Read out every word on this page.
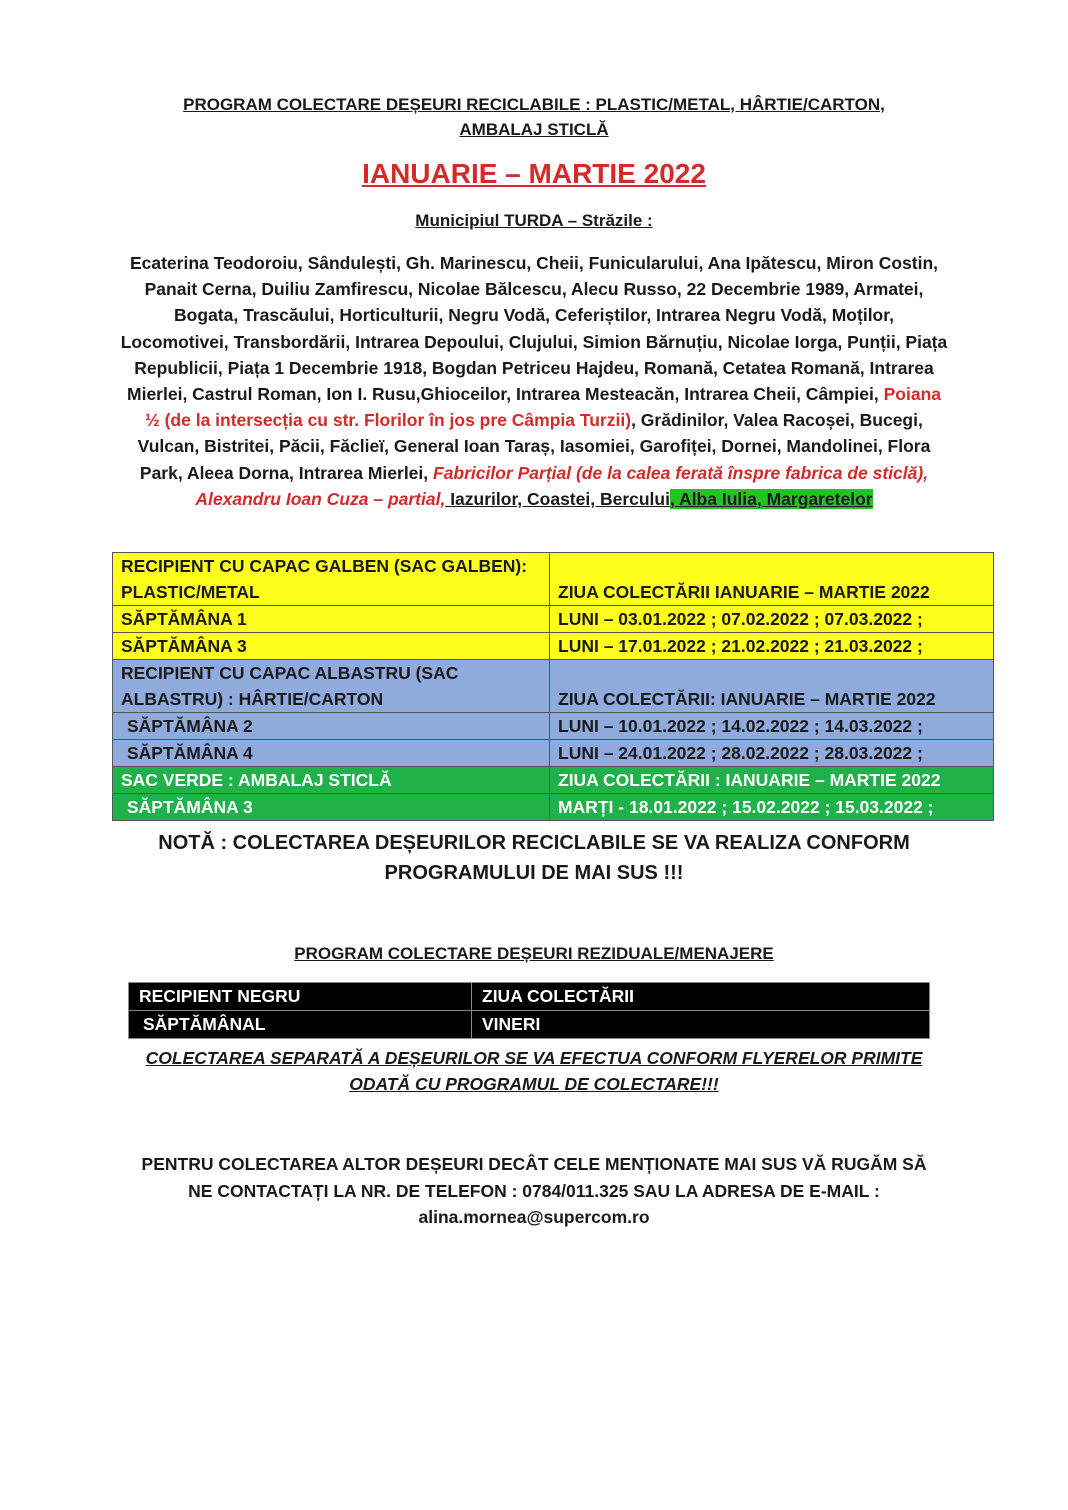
PROGRAM COLECTARE DEȘEURI RECICLABILE : PLASTIC/METAL, HÂRTIE/CARTON,
AMBALAJ STICLĂ
IANUARIE – MARTIE 2022
Municipiul TURDA – Străzile :
Ecaterina Teodoroiu, Sândulești, Gh. Marinescu, Cheii, Funicularului, Ana Ipătescu, Miron Costin, Panait Cerna, Duiliu Zamfirescu, Nicolae Bălcescu, Alecu Russo, 22 Decembrie 1989, Armatei, Bogata, Trascăului, Horticulturii, Negru Vodă, Ceferiștilor, Intrarea Negru Vodă, Moților, Locomotivei, Transbordării, Intrarea Depoului, Clujului, Simion Bărnuțiu, Nicolae Iorga, Punții, Piața Republicii, Piața 1 Decembrie 1918, Bogdan Petriceu Hajdeu, Romană, Cetatea Romană, Intrarea Mierlei, Castrul Roman, Ion I. Rusu,Ghioceilor, Intrarea Mesteacăn, Intrarea Cheii, Câmpiei, Poiana ½ (de la intersecția cu str. Florilor în jos pre Câmpia Turzii), Grădinilor, Valea Racoșei, Bucegi, Vulcan, Bistritei, Păcii, Făclieї, General Ioan Taraș, Iasomiei, Garofiței, Dornei, Mandolinei, Flora Park, Aleea Dorna, Intrarea Mierlei, Fabricilor Parțial (de la calea ferată înspre fabrica de sticlă), Alexandru Ioan Cuza – partial, Iazurilor, Coastei, Bercului, Alba Iulia, Margaretelor
RECIPIENT CU CAPAC GALBEN (SAC GALBEN):
PLASTIC/METAL	ZIUA COLECTĂRII IANUARIE – MARTIE 2022
SĂPTĂMÂNA 1	LUNI – 03.01.2022 ; 07.02.2022 ; 07.03.2022 ;
SĂPTĂMÂNA 3	LUNI – 17.01.2022 ; 21.02.2022 ; 21.03.2022 ;

RECIPIENT CU CAPAC ALBASTRU (SAC
ALBASTRU) : HÂRTIE/CARTON	ZIUA COLECTĂRII: IANUARIE – MARTIE 2022
SĂPTĂMÂNA 2	LUNI – 10.01.2022 ; 14.02.2022 ; 14.03.2022 ;
SĂPTĂMÂNA 4	LUNI – 24.01.2022 ; 28.02.2022 ; 28.03.2022 ;
SAC VERDE : AMBALAJ STICLĂ	ZIUA COLECTĂRII : IANUARIE – MARTIE 2022
SĂPTĂMÂNA 3	MARȚI - 18.01.2022 ; 15.02.2022 ; 15.03.2022 ;
NOTĂ : COLECTAREA DEȘEURILOR RECICLABILE SE VA REALIZA CONFORM
PROGRAMULUI DE MAI SUS !!!
PROGRAM COLECTARE DEȘEURI REZIDUALE/MENAJERE
RECIPIENT NEGRU	ZIUA COLECTĂRII
SĂPTĂMÂNAL	VINERI
COLECTAREA SEPARATĂ A DEȘEURILOR SE VA EFECTUA CONFORM FLYERELOR PRIMITE
ODATĂ CU PROGRAMUL DE COLECTARE!!!
PENTRU COLECTAREA ALTOR DEȘEURI DECÂT CELE MENȚIONATE MAI SUS VĂ RUGĂM SĂ
NE CONTACTAȚI LA NR. DE TELEFON : 0784/011.325 SAU LA ADRESA DE E-MAIL :
alina.mornea@supercom.ro
